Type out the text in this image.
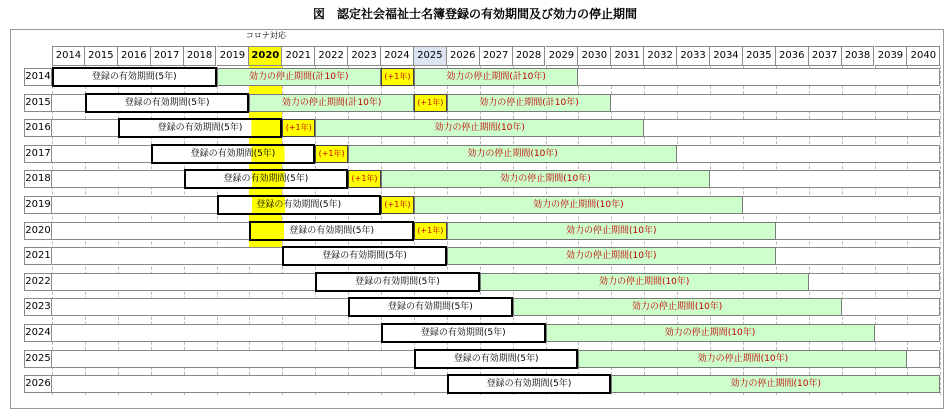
図　認定社会福祉士名簿登録の有効期間及び効力の停止期間
コロナ対応
2014 2015 2016 2017 2018 2019 2020 2021 2022 2023 2024 2025 2026 2027 2028 2029 2030 2031 2032 2033 2034 2035 2036 2037 2038 2039 2040
2014	登録の有効期間(5年)	効力の停止期間(計10年)	(+1年)	効力の停止期間(計10年)
2015	登録の有効期間(5年)	効力の停止期間(計10年)	(+1年)	効力の停止期間(計10年)
2016	登録の有効期間(5年)	(+1年)	効力の停止期間(10年)
2017	登録の有効期間(5年)	(+1年)	効力の停止期間(10年)
2018	登録の有効期間(5年)	(+1年)	効力の停止期間(10年)
2019	登録の有効期間(5年)	(+1年)	効力の停止期間(10年)
2020	登録の有効期間(5年)	(+1年)	効力の停止期間(10年)
2021	登録の有効期間(5年)	効力の停止期間(10年)
2022	登録の有効期間(5年)	効力の停止期間(10年)
2023	登録の有効期間(5年)	効力の停止期間(10年)
2024	登録の有効期間(5年)	効力の停止期間(10年)
2025	登録の有効期間(5年)	効力の停止期間(10年)
2026	登録の有効期間(5年)	効力の停止期間(10年)
